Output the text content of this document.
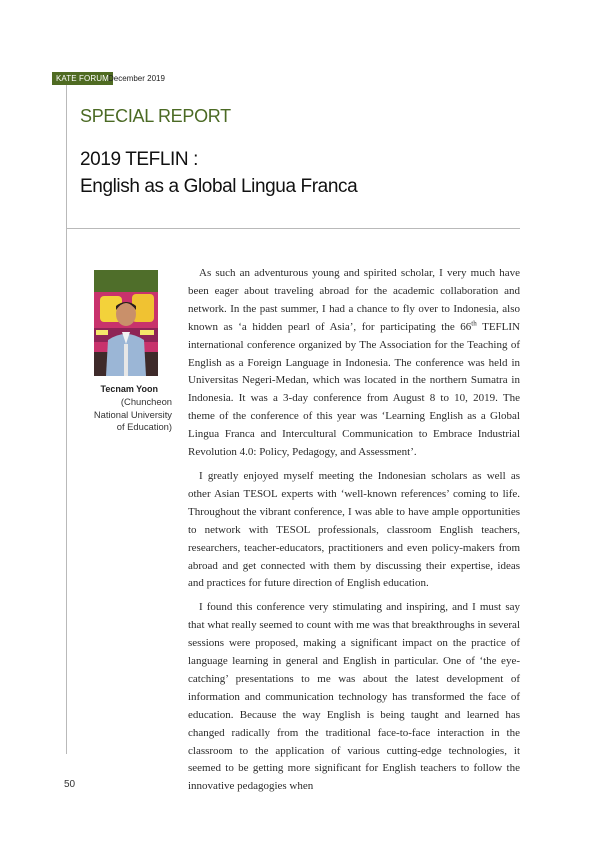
KATE FORUM December 2019
SPECIAL REPORT
2019 TEFLIN :
English as a Global Lingua Franca
Tecnam Yoon
(Chuncheon
National University
of Education)

As such an adventurous young and spirited scholar, I very much have been eager about traveling abroad for the academic collaboration and network. In the past summer, I had a chance to fly over to Indonesia, also known as ‘a hidden pearl of Asia’, for participating the 66th TEFLIN international conference organized by The Association for the Teaching of English as a Foreign Language in Indonesia. The conference was held in Universitas Negeri-Medan, which was located in the northern Sumatra in Indonesia. It was a 3-day conference from August 8 to 10, 2019. The theme of the conference of this year was ‘Learning English as a Global Lingua Franca and Intercultural Communication to Embrace Industrial Revolution 4.0: Policy, Pedagogy, and Assessment’.

I greatly enjoyed myself meeting the Indonesian scholars as well as other Asian TESOL experts with ‘well-known references’ coming to life. Throughout the vibrant conference, I was able to have ample opportunities to network with TESOL professionals, classroom English teachers, researchers, teacher-educators, practitioners and even policy-makers from abroad and get connected with them by discussing their expertise, ideas and practices for future direction of English education.

I found this conference very stimulating and inspiring, and I must say that what really seemed to count with me was that breakthroughs in several sessions were proposed, making a significant impact on the practice of language learning in general and English in particular. One of ‘the eye-catching’ presentations to me was about the latest development of information and communication technology has transformed the face of education. Because the way English is being taught and learned has changed radically from the traditional face-to-face interaction in the classroom to the application of various cutting-edge technologies, it seemed to be getting more significant for English teachers to follow the innovative pedagogies when

50
